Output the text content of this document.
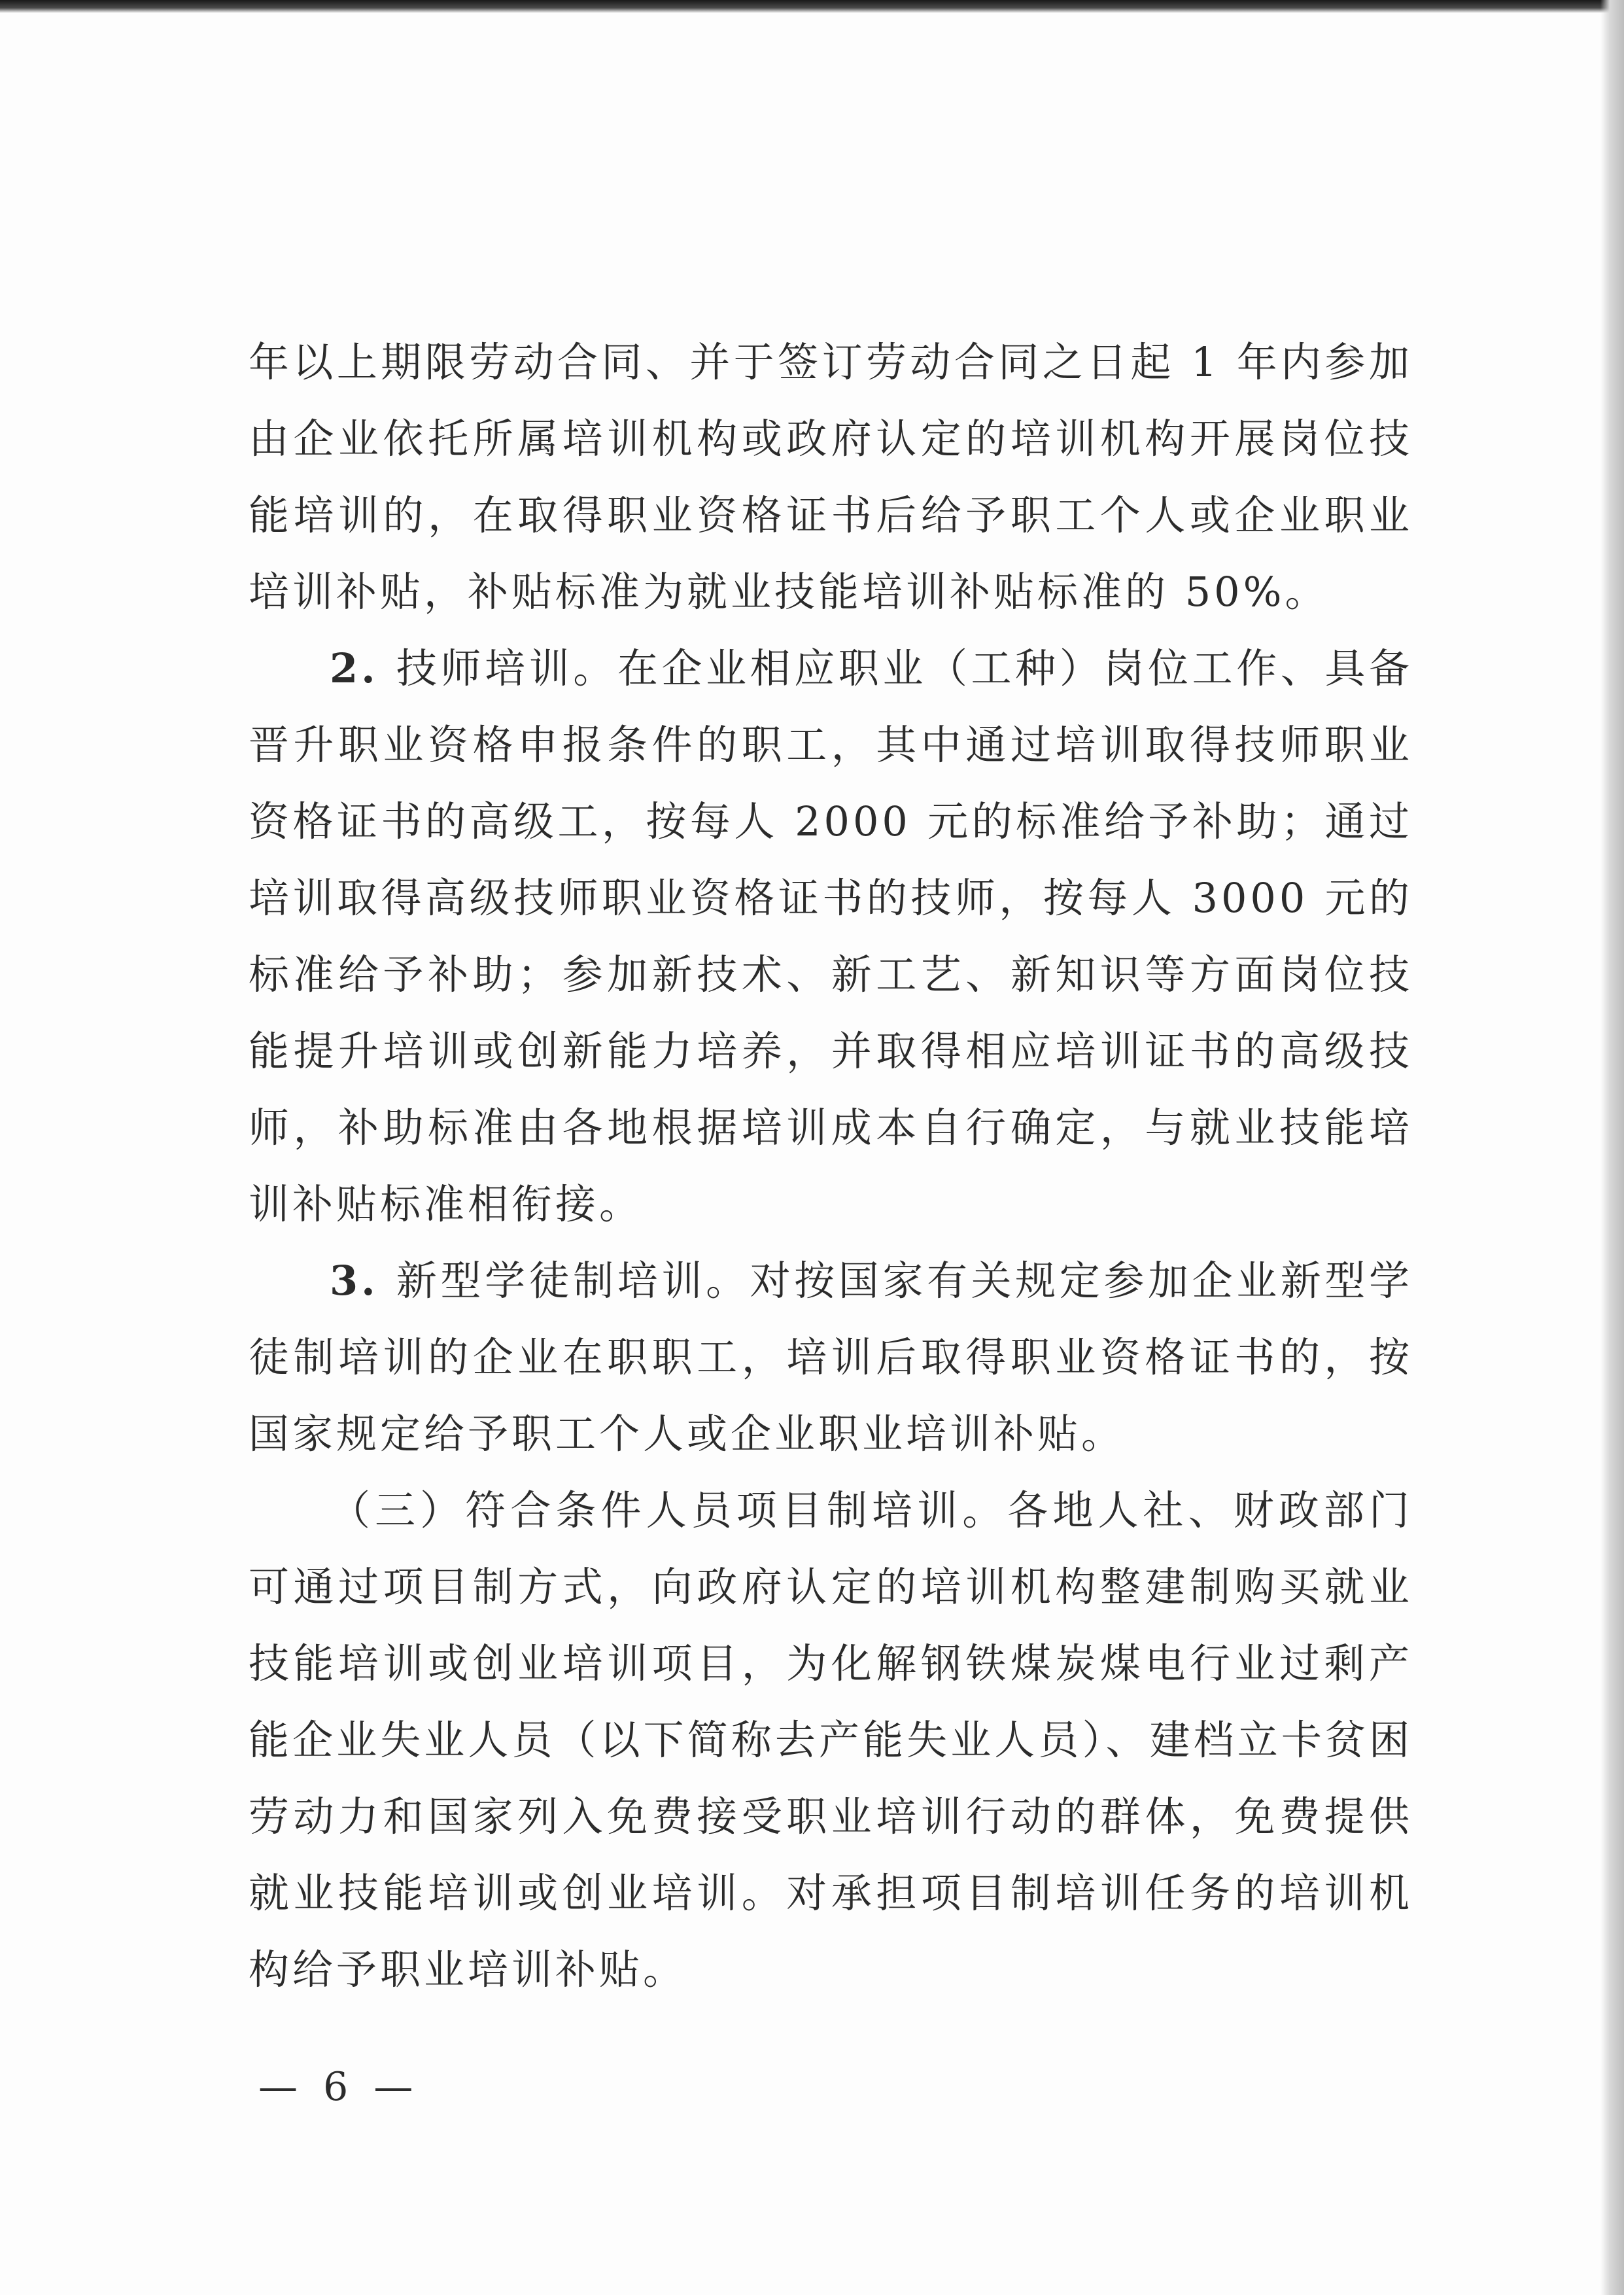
年以上期限劳动合同、并于签订劳动合同之日起 1 年内参加由企业依托所属培训机构或政府认定的培训机构开展岗位技能培训的，在取得职业资格证书后给予职工个人或企业职业培训补贴，补贴标准为就业技能培训补贴标准的 50%。

2. 技师培训。在企业相应职业（工种）岗位工作、具备晋升职业资格申报条件的职工，其中通过培训取得技师职业资格证书的高级工，按每人 2000 元的标准给予补助；通过培训取得高级技师职业资格证书的技师，按每人 3000 元的标准给予补助；参加新技术、新工艺、新知识等方面岗位技能提升培训或创新能力培养，并取得相应培训证书的高级技师，补助标准由各地根据培训成本自行确定，与就业技能培训补贴标准相衔接。

3. 新型学徒制培训。对按国家有关规定参加企业新型学徒制培训的企业在职职工，培训后取得职业资格证书的，按国家规定给予职工个人或企业职业培训补贴。

（三）符合条件人员项目制培训。各地人社、财政部门可通过项目制方式，向政府认定的培训机构整建制购买就业技能培训或创业培训项目，为化解钢铁煤炭煤电行业过剩产能企业失业人员（以下简称去产能失业人员）、建档立卡贫困劳动力和国家列入免费接受职业培训行动的群体，免费提供就业技能培训或创业培训。对承担项目制培训任务的培训机构给予职业培训补贴。

— 6 —
